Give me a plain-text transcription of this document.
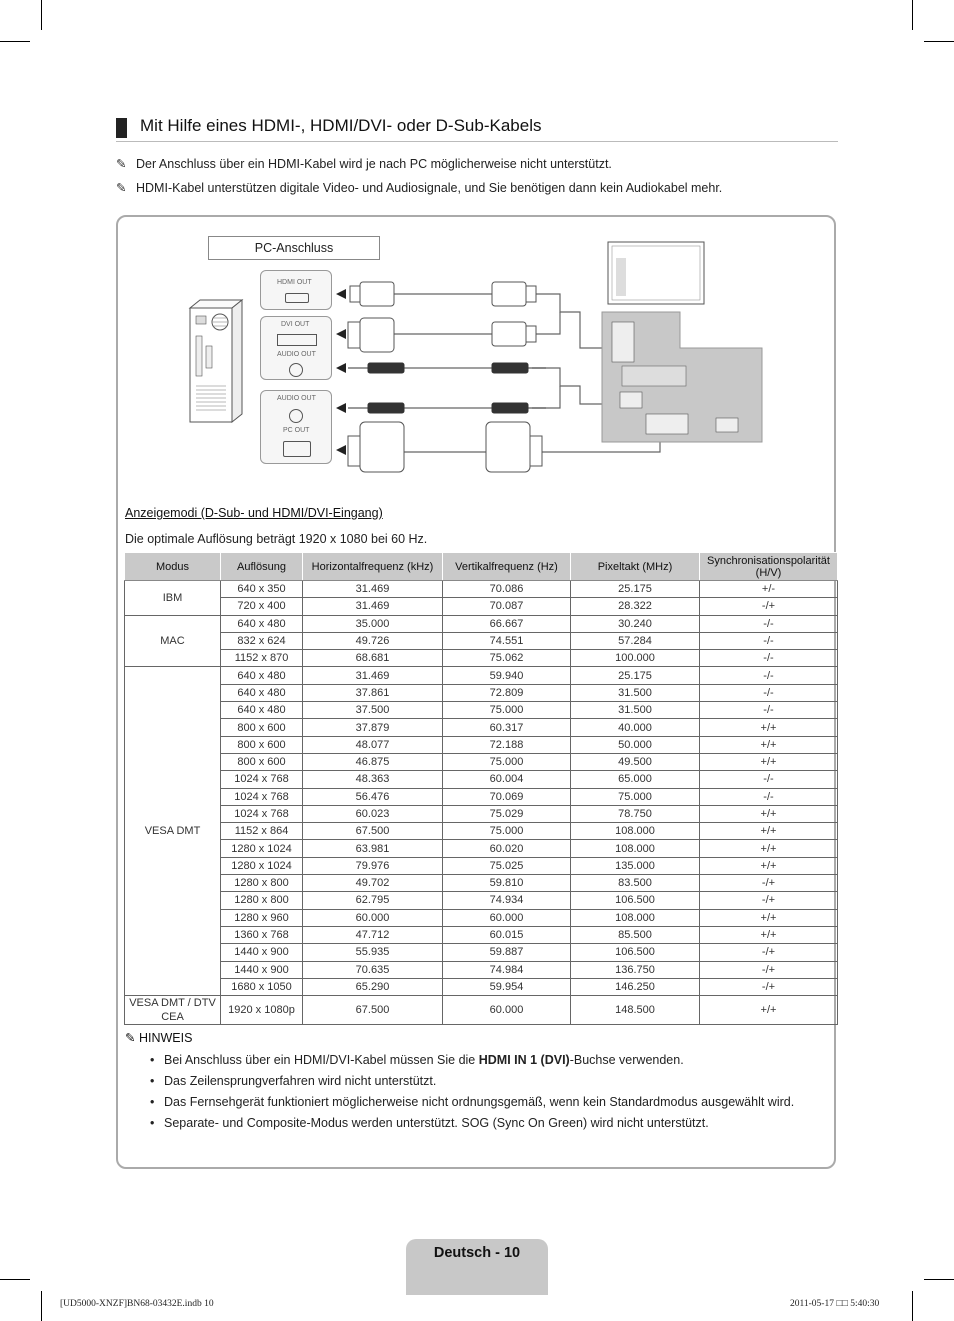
Mit Hilfe eines HDMI-, HDMI/DVI- oder D-Sub-Kabels
✎ Der Anschluss über ein HDMI-Kabel wird je nach PC möglicherweise nicht unterstützt.
✎ HDMI-Kabel unterstützen digitale Video- und Audiosignale, und Sie benötigen dann kein Audiokabel mehr.
PC-Anschluss
HDMI OUT
DVI OUT
AUDIO OUT
AUDIO OUT
PC OUT
Anzeigemodi (D-Sub- und HDMI/DVI-Eingang)
Die optimale Auflösung beträgt 1920 x 1080 bei 60 Hz.
Modus	Auflösung	Horizontalfrequenz (kHz)	Vertikalfrequenz (Hz)	Pixeltakt (MHz)	Synchronisationspolarität (H/V)
IBM	640 x 350	31.469	70.086	25.175	+/-
	720 x 400	31.469	70.087	28.322	-/+
MAC	640 x 480	35.000	66.667	30.240	-/-
	832 x 624	49.726	74.551	57.284	-/-
	1152 x 870	68.681	75.062	100.000	-/-
VESA DMT	640 x 480	31.469	59.940	25.175	-/-
	640 x 480	37.861	72.809	31.500	-/-
	640 x 480	37.500	75.000	31.500	-/-
	800 x 600	37.879	60.317	40.000	+/+
	800 x 600	48.077	72.188	50.000	+/+
	800 x 600	46.875	75.000	49.500	+/+
	1024 x 768	48.363	60.004	65.000	-/-
	1024 x 768	56.476	70.069	75.000	-/-
	1024 x 768	60.023	75.029	78.750	+/+
	1152 x 864	67.500	75.000	108.000	+/+
	1280 x 1024	63.981	60.020	108.000	+/+
	1280 x 1024	79.976	75.025	135.000	+/+
	1280 x 800	49.702	59.810	83.500	-/+
	1280 x 800	62.795	74.934	106.500	-/+
	1280 x 960	60.000	60.000	108.000	+/+
	1360 x 768	47.712	60.015	85.500	+/+
	1440 x 900	55.935	59.887	106.500	-/+
	1440 x 900	70.635	74.984	136.750	-/+
	1680 x 1050	65.290	59.954	146.250	-/+
VESA DMT / DTV CEA	1920 x 1080p	67.500	60.000	148.500	+/+
✎ HINWEIS
• Bei Anschluss über ein HDMI/DVI-Kabel müssen Sie die HDMI IN 1 (DVI)-Buchse verwenden.
• Das Zeilensprungverfahren wird nicht unterstützt.
• Das Fernsehgerät funktioniert möglicherweise nicht ordnungsgemäß, wenn kein Standardmodus ausgewählt wird.
• Separate- und Composite-Modus werden unterstützt. SOG (Sync On Green) wird nicht unterstützt.
Deutsch - 10
[UD5000-XNZF]BN68-03432E.indb 10	2011-05-17 □□ 5:40:30
